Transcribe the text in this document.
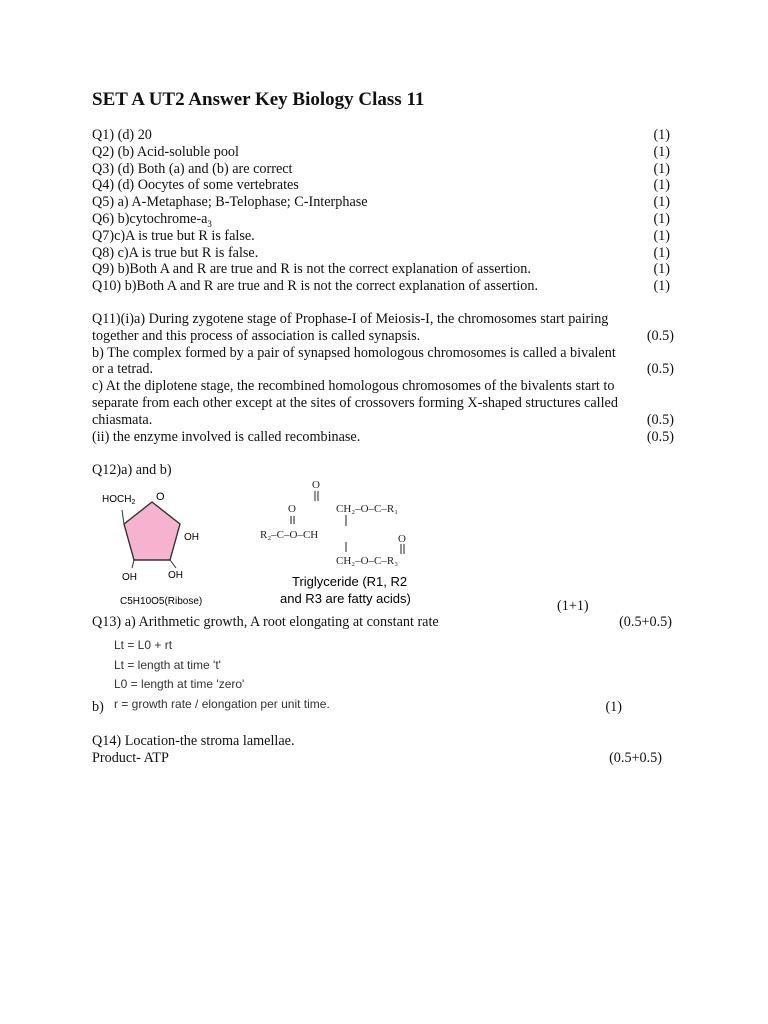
SET A UT2 Answer Key Biology Class 11
Q1) (d) 20	(1)
Q2) (b) Acid-soluble pool	(1)
Q3) (d) Both (a) and (b) are correct	(1)
Q4) (d) Oocytes of some vertebrates	(1)
Q5) a) A-Metaphase; B-Telophase; C-Interphase	(1)
Q6) $b)cytochrome-a_3$	(1)
Q7)c)A is true but R is false.	(1)
Q8) c)A is true but R is false.	(1)
Q9) b)Both A and R are true and R is not the correct explanation of assertion.	(1)
Q10) b)Both A and R are true and R is not the correct explanation of assertion.	(1)

Q11)(i)a) During zygotene stage of Prophase-I of Meiosis-I, the chromosomes start pairing

together and this process of association is called synapsis.	(0.5)

b) The complex formed by a pair of synapsed homologous chromosomes is called a bivalent

or a tetrad.	(0.5)

c) At the diplotene stage, the recombined homologous chromosomes of the bivalents start to

separate from each other except at the sites of crossovers forming X-shaped structures called

chiasmata.	(0.5)
(ii) the enzyme involved is called recombinase.	(0.5)
Q12)a) and b)
$HOCH_2$ O
OH
OH	OH
C5H10O5(Ribose)
O
CH₂–O–C–R₁
O
R₂–C–O–CH
CH₂–O–C–R₃
O
Triglyceride (R1, R2
and R3 are fatty acids)	(1+1)
Q13) a) Arithmetic growth, A root elongating at constant rate	(0.5+0.5)
Lt = L0 + rt
Lt = length at time 't'
L0 = length at time 'zero'
r = growth rate / elongation per unit time.
b)	(1)
Q14) Location-the stroma lamellae.
Product- ATP	(0.5+0.5)
